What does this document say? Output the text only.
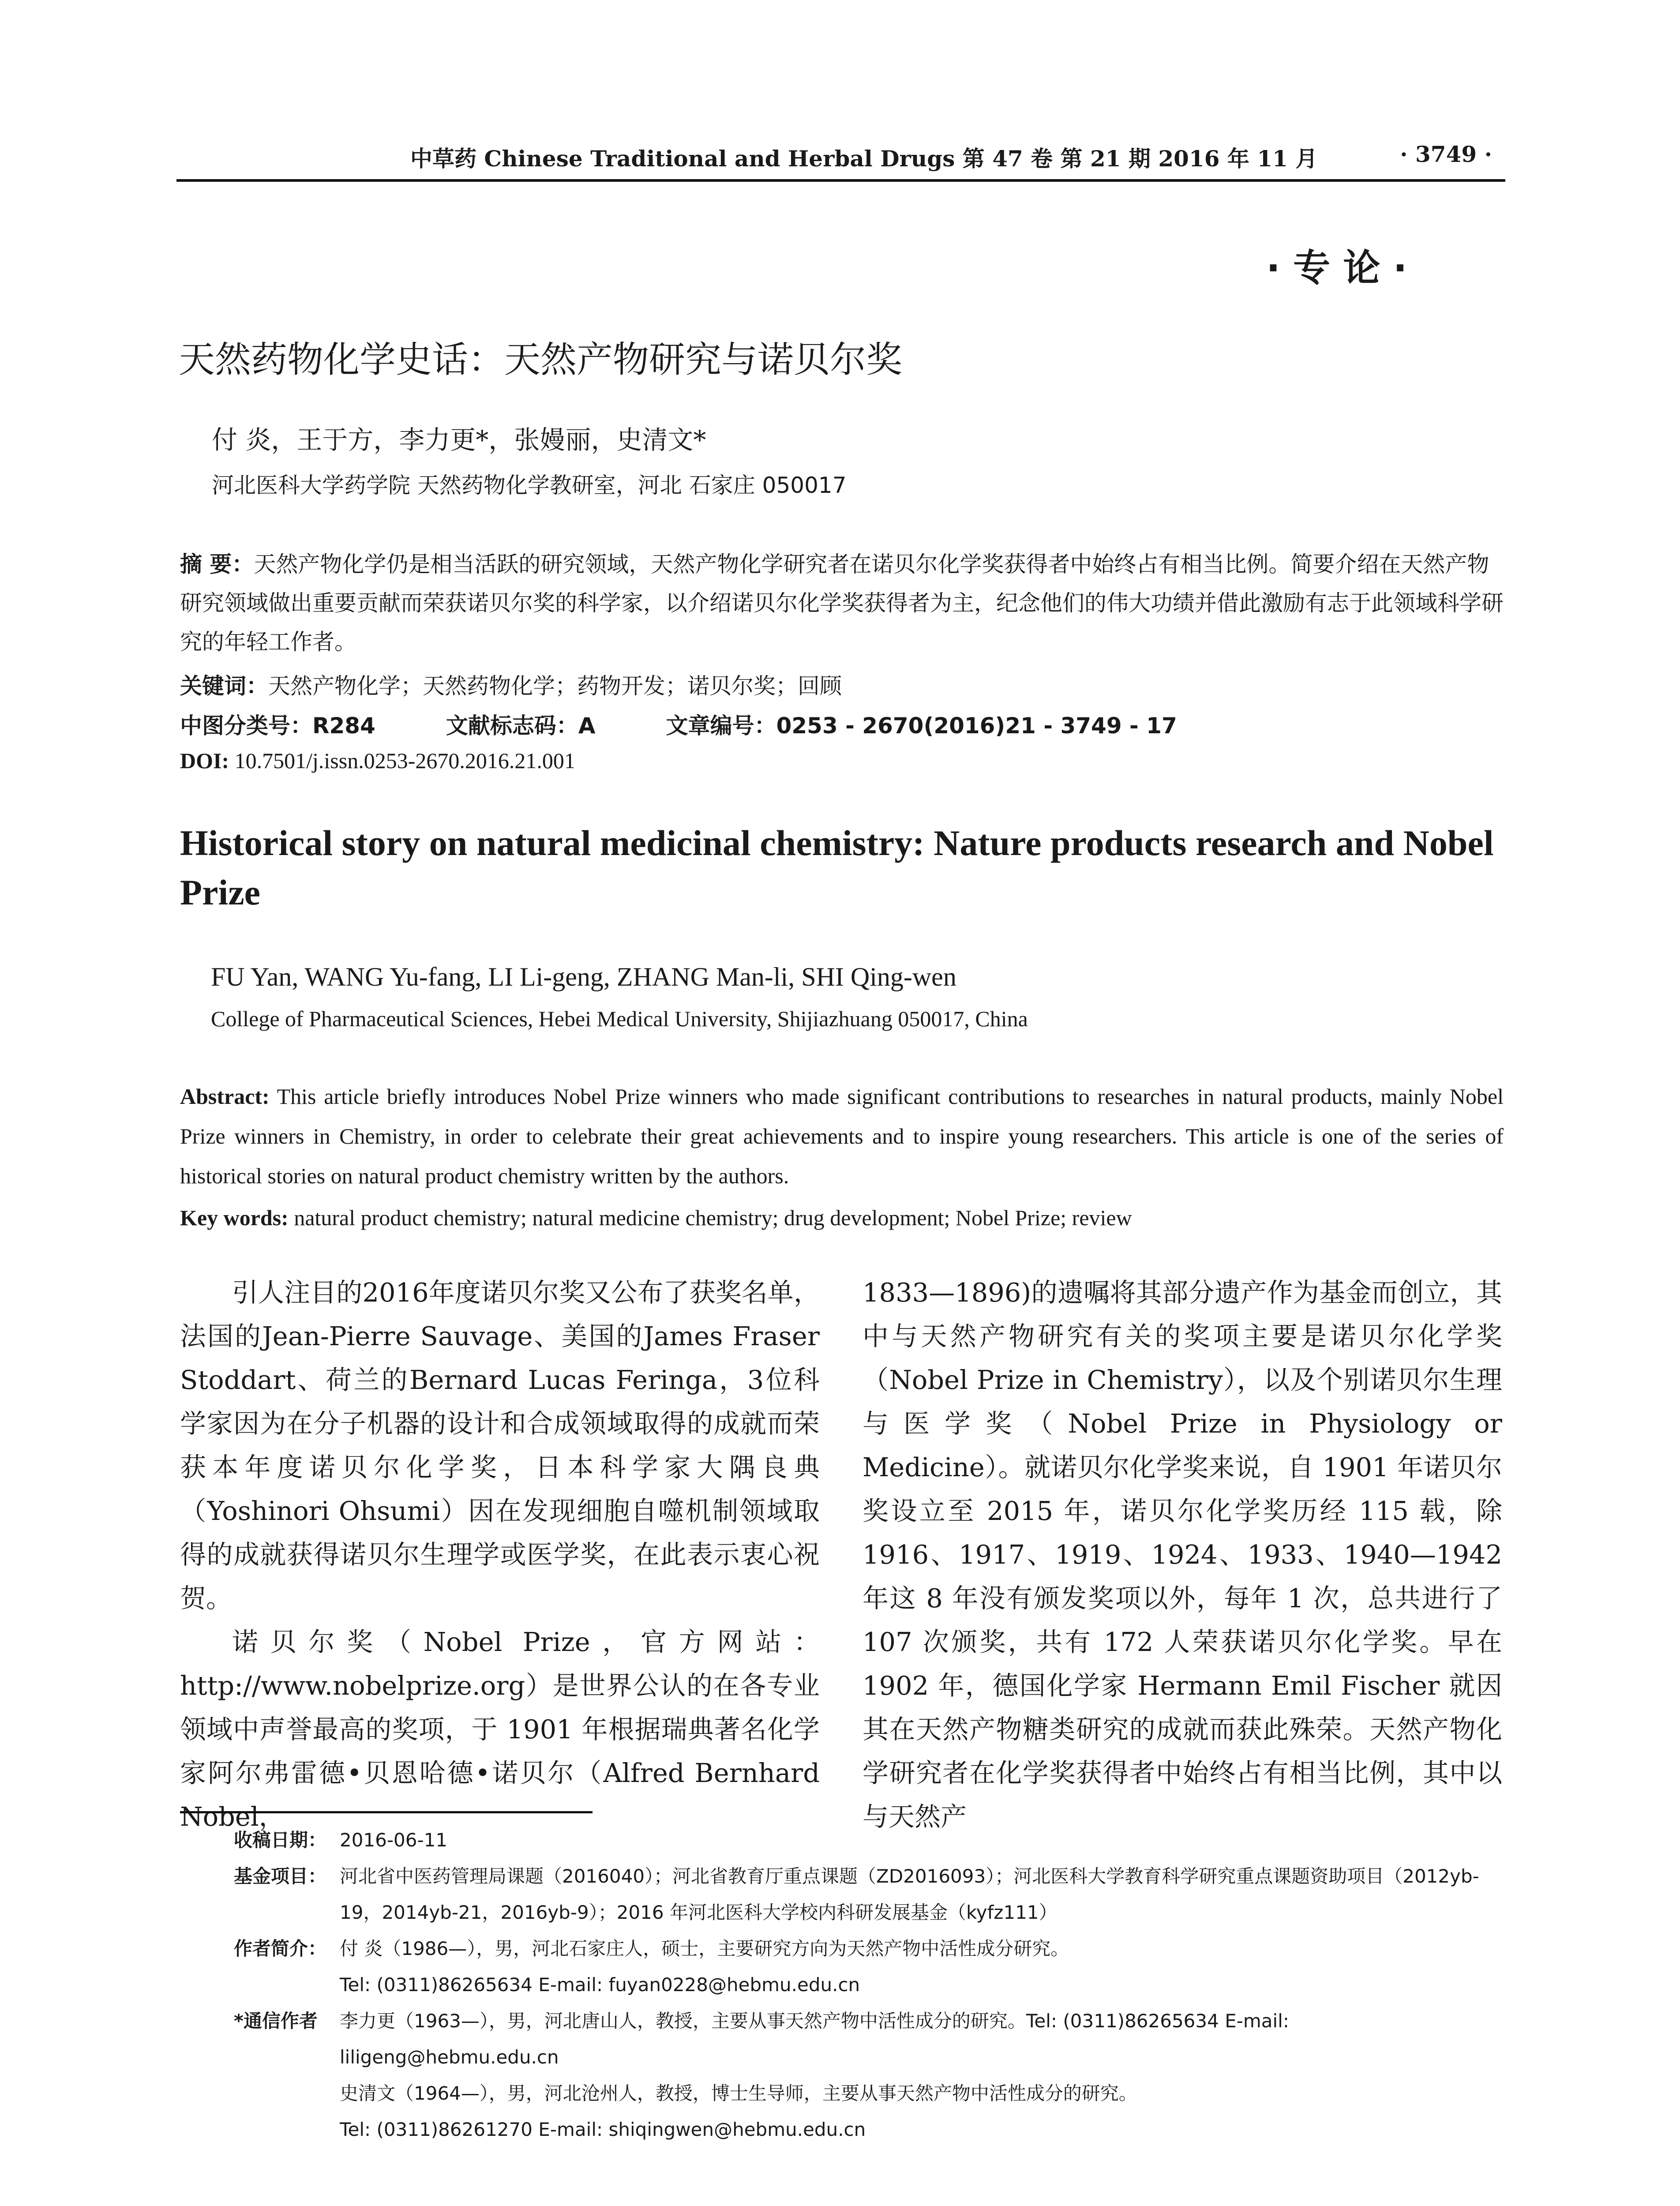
中草药 Chinese Traditional and Herbal Drugs 第 47 卷 第 21 期 2016 年 11 月	· 3749 ·
· 专 论 ·
天然药物化学史话：天然产物研究与诺贝尔奖
付 炎，王于方，李力更*，张嫚丽，史清文*
河北医科大学药学院 天然药物化学教研室，河北 石家庄 050017
摘 要：天然产物化学仍是相当活跃的研究领域，天然产物化学研究者在诺贝尔化学奖获得者中始终占有相当比例。简要介绍在天然产物研究领域做出重要贡献而荣获诺贝尔奖的科学家，以介绍诺贝尔化学奖获得者为主，纪念他们的伟大功绩并借此激励有志于此领域科学研究的年轻工作者。
关键词：天然产物化学；天然药物化学；药物开发；诺贝尔奖；回顾
中图分类号：R284	文献标志码：A	文章编号：0253 - 2670(2016)21 - 3749 - 17
DOI: 10.7501/j.issn.0253-2670.2016.21.001
Historical story on natural medicinal chemistry: Nature products research and Nobel Prize
FU Yan, WANG Yu-fang, LI Li-geng, ZHANG Man-li, SHI Qing-wen
College of Pharmaceutical Sciences, Hebei Medical University, Shijiazhuang 050017, China
Abstract: This article briefly introduces Nobel Prize winners who made significant contributions to researches in natural products, mainly Nobel Prize winners in Chemistry, in order to celebrate their great achievements and to inspire young researchers. This article is one of the series of historical stories on natural product chemistry written by the authors.
Key words: natural product chemistry; natural medicine chemistry; drug development; Nobel Prize; review

引人注目的2016年度诺贝尔奖又公布了获奖名单，法国的Jean-Pierre Sauvage、美国的James Fraser Stoddart、荷兰的Bernard Lucas Feringa，3位科学家因为在分子机器的设计和合成领域取得的成就而荣获本年度诺贝尔化学奖，日本科学家大隅良典（Yoshinori Ohsumi）因在发现细胞自噬机制领域取得的成就获得诺贝尔生理学或医学奖，在此表示衷心祝贺。

诺贝尔奖（Nobel Prize，官方网站：http://www.nobelprize.org）是世界公认的在各专业领域中声誉最高的奖项，于 1901 年根据瑞典著名化学家阿尔弗雷德•贝恩哈德•诺贝尔（Alfred Bernhard Nobel，

1833—1896)的遗嘱将其部分遗产作为基金而创立，其中与天然产物研究有关的奖项主要是诺贝尔化学奖（Nobel Prize in Chemistry），以及个别诺贝尔生理与医学奖（Nobel Prize in Physiology or Medicine）。就诺贝尔化学奖来说，自 1901 年诺贝尔奖设立至 2015 年，诺贝尔化学奖历经 115 载，除 1916、1917、1919、1924、1933、1940—1942 年这 8 年没有颁发奖项以外，每年 1 次，总共进行了 107 次颁奖，共有 172 人荣获诺贝尔化学奖。早在 1902 年，德国化学家 Hermann Emil Fischer 就因其在天然产物糖类研究的成就而获此殊荣。天然产物化学研究者在化学奖获得者中始终占有相当比例，其中以与天然产

收稿日期： 2016-06-11
基金项目： 河北省中医药管理局课题（2016040）；河北省教育厅重点课题（ZD2016093）；河北医科大学教育科学研究重点课题资助项目（2012yb-19，2014yb-21，2016yb-9）；2016 年河北医科大学校内科研发展基金（kyfz111）
作者简介： 付 炎（1986—），男，河北石家庄人，硕士，主要研究方向为天然产物中活性成分研究。
Tel: (0311)86265634 E-mail: fuyan0228@hebmu.edu.cn
*通信作者	李力更（1963—），男，河北唐山人，教授，主要从事天然产物中活性成分的研究。Tel: (0311)86265634 E-mail: liligeng@hebmu.edu.cn
史清文（1964—），男，河北沧州人，教授，博士生导师，主要从事天然产物中活性成分的研究。
Tel: (0311)86261270 E-mail: shiqingwen@hebmu.edu.cn
